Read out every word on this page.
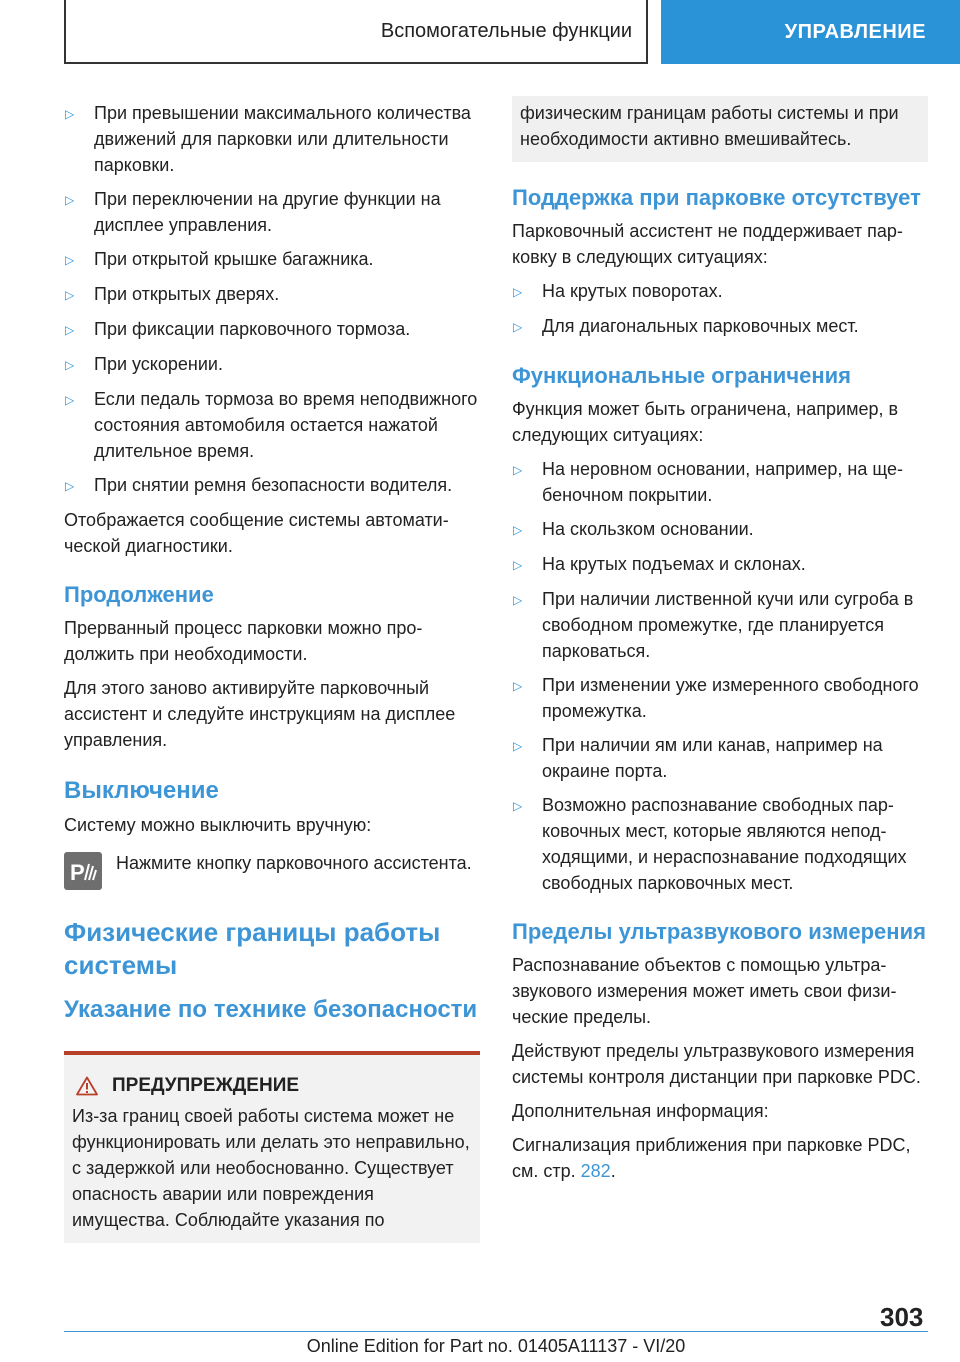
Вспомогательные функции	УПРАВЛЕНИЕ
▷	При превышении максимального количества движений для парковки или длительности парковки.
▷	При переключении на другие функции на дисплее управления.
▷	При открытой крышке багажника.
▷	При открытых дверях.
▷	При фиксации парковочного тормоза.
▷	При ускорении.
▷	Если педаль тормоза во время неподвижного состояния автомобиля остается нажатой длительное время.
▷	При снятии ремня безопасности водителя.

Отображается сообщение системы автоматической диагностики.

Продолжение

Прерванный процесс парковки можно продолжить при необходимости.

Для этого заново активируйте парковочный ассистент и следуйте инструкциям на дисплее управления.

Выключение

Систему можно выключить вручную:

P Нажмите кнопку парковочного ассистента.
Физические границы работы системы
Указание по технике безопасности
ПРЕДУПРЕЖДЕНИЕ

Из-за границ своей работы система может не функционировать или делать это неправильно, с задержкой или необоснованно. Существует опасность аварии или повреждения имущества. Соблюдайте указания по

физическим границам работы системы и при необходимости активно вмешивайтесь.

Поддержка при парковке отсутствует

Парковочный ассистент не поддерживает парковку в следующих ситуациях:

▷	На крутых поворотах.
▷	Для диагональных парковочных мест.
Функциональные ограничения

Функция может быть ограничена, например, в следующих ситуациях:

▷	На неровном основании, например, на щебеночном покрытии.
▷	На скользком основании.
▷	На крутых подъемах и склонах.
▷	При наличии лиственной кучи или сугроба в свободном промежутке, где планируется парковаться.
▷	При изменении уже измеренного свободного промежутка.
▷	При наличии ям или канав, например на окраине порта.
▷	Возможно распознавание свободных парковочных мест, которые являются неподходящими, и нераспознавание подходящих свободных парковочных мест.
Пределы ультразвукового измерения

Распознавание объектов с помощью ультразвукового измерения может иметь свои физические пределы.

Действуют пределы ультразвукового измерения системы контроля дистанции при парковке PDC.

Дополнительная информация:

Сигнализация приближения при парковке PDC, см. стр. 282.

303
Online Edition for Part no. 01405A11137 - VI/20
